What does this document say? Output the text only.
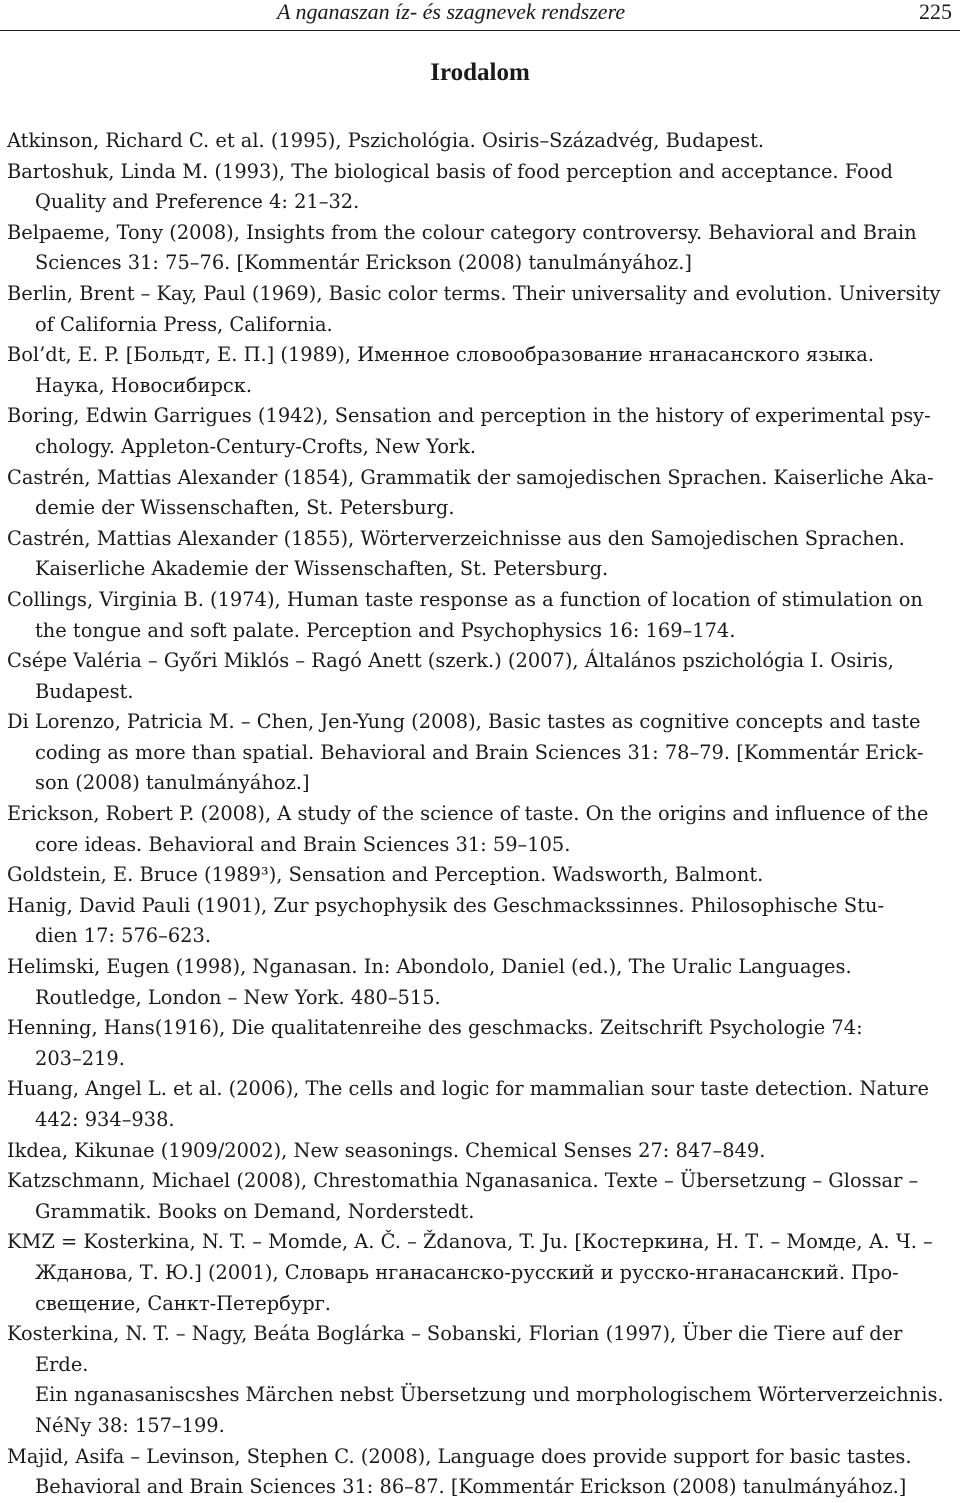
A nganaszan íz- és szagnevek rendszere	225
Irodalom
Atkinson, Richard C. et al. (1995), Pszichológia. Osiris–Századvég, Budapest.
Bartoshuk, Linda M. (1993), The biological basis of food perception and acceptance. Food
Quality and Preference 4: 21–32.
Belpaeme, Tony (2008), Insights from the colour category controversy. Behavioral and Brain
Sciences 31: 75–76. [Kommentár Erickson (2008) tanulmányához.]
Berlin, Brent – Kay, Paul (1969), Basic color terms. Their universality and evolution. University
of California Press, California.
Bol’dt, E. P. [Больдт, Е. П.] (1989), Именное словообразование нганасанского языка.
Наука, Новосибирск.
Boring, Edwin Garrigues (1942), Sensation and perception in the history of experimental psy-
chology. Appleton-Century-Crofts, New York.
Castrén, Mattias Alexander (1854), Grammatik der samojedischen Sprachen. Kaiserliche Aka-
demie der Wissenschaften, St. Petersburg.
Castrén, Mattias Alexander (1855), Wörterverzeichnisse aus den Samojedischen Sprachen.
Kaiserliche Akademie der Wissenschaften, St. Petersburg.
Collings, Virginia B. (1974), Human taste response as a function of location of stimulation on
the tongue and soft palate. Perception and Psychophysics 16: 169–174.
Csépe Valéria – Győri Miklós – Ragó Anett (szerk.) (2007), Általános pszichológia I. Osiris,
Budapest.
Di Lorenzo, Patricia M. – Chen, Jen-Yung (2008), Basic tastes as cognitive concepts and taste
coding as more than spatial. Behavioral and Brain Sciences 31: 78–79. [Kommentár Erick-
son (2008) tanulmányához.]
Erickson, Robert P. (2008), A study of the science of taste. On the origins and influence of the
core ideas. Behavioral and Brain Sciences 31: 59–105.
Goldstein, E. Bruce (1989³), Sensation and Perception. Wadsworth, Balmont.
Hanig, David Pauli (1901), Zur psychophysik des Geschmackssinnes. Philosophische Stu-
dien 17: 576–623.
Helimski, Eugen (1998), Nganasan. In: Abondolo, Daniel (ed.), The Uralic Languages.
Routledge, London – New York. 480–515.
Henning, Hans(1916), Die qualitatenreihe des geschmacks. Zeitschrift Psychologie 74:
203–219.
Huang, Angel L. et al. (2006), The cells and logic for mammalian sour taste detection. Nature
442: 934–938.
Ikdea, Kikunae (1909/2002), New seasonings. Chemical Senses 27: 847–849.
Katzschmann, Michael (2008), Chrestomathia Nganasanica. Texte – Übersetzung – Glossar –
Grammatik. Books on Demand, Norderstedt.
KMZ = Kosterkina, N. T. – Momde, A. Č. – Ždanova, T. Ju. [Костеркина, Н. Т. – Момде, А. Ч. –
Жданова, Т. Ю.] (2001), Словарь нганасанско-русский и русско-нганасанский. Про-
свещение, Санкт-Петербург.
Kosterkina, N. T. – Nagy, Beáta Boglárka – Sobanski, Florian (1997), Über die Tiere auf der Erde.
Ein nganasaniscshes Märchen nebst Übersetzung und morphologischem Wörterverzeichnis.
NéNy 38: 157–199.
Majid, Asifa – Levinson, Stephen C. (2008), Language does provide support for basic tastes.
Behavioral and Brain Sciences 31: 86–87. [Kommentár Erickson (2008) tanulmányához.]
